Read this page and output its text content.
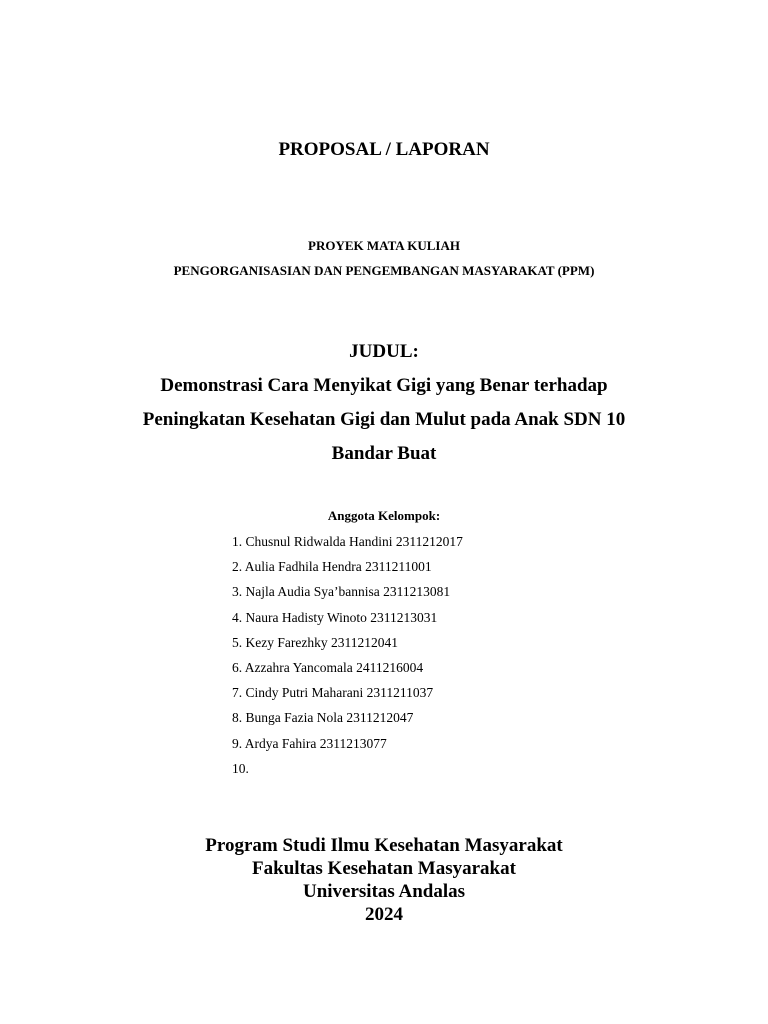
PROPOSAL / LAPORAN
PROYEK MATA KULIAH
PENGORGANISASIAN DAN PENGEMBANGAN MASYARAKAT (PPM)
JUDUL:
Demonstrasi Cara Menyikat Gigi yang Benar terhadap
Peningkatan Kesehatan Gigi dan Mulut pada Anak SDN 10
Bandar Buat
Anggota Kelompok:
1. Chusnul Ridwalda Handini 2311212017
2. Aulia Fadhila Hendra 2311211001
3. Najla Audia Sya’bannisa 2311213081
4. Naura Hadisty Winoto 2311213031
5. Kezy Farezhky 2311212041
6. Azzahra Yancomala 2411216004
7. Cindy Putri Maharani 2311211037
8. Bunga Fazia Nola 2311212047
9. Ardya Fahira 2311213077
10.
Program Studi Ilmu Kesehatan Masyarakat
Fakultas Kesehatan Masyarakat
Universitas Andalas
2024
